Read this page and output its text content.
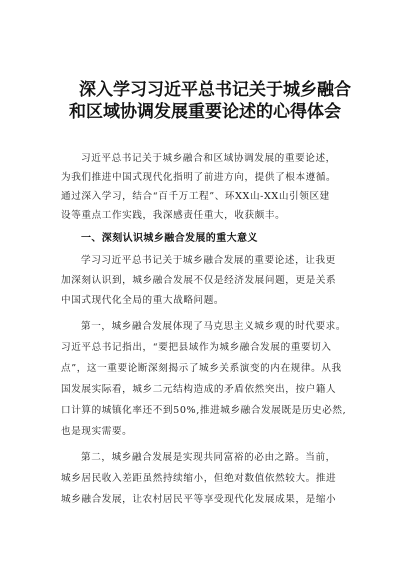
深入学习习近平总书记关于城乡融合
和区域协调发展重要论述的心得体会
习近平总书记关于城乡融合和区域协调发展的重要论述，
为我们推进中国式现代化指明了前进方向，提供了根本遵循。
通过深入学习，结合“百千万工程”、环XX山-XX山引领区建
设等重点工作实践，我深感责任重大，收获颇丰。
一、深刻认识城乡融合发展的重大意义
学习习近平总书记关于城乡融合发展的重要论述，让我更
加深刻认识到，城乡融合发展不仅是经济发展问题，更是关系
中国式现代化全局的重大战略问题。
第一，城乡融合发展体现了马克思主义城乡观的时代要求。
习近平总书记指出，“要把县域作为城乡融合发展的重要切入
点”，这一重要论断深刻揭示了城乡关系演变的内在规律。从我
国发展实际看，城乡二元结构造成的矛盾依然突出，按户籍人
口计算的城镇化率还不到50%,推进城乡融合发展既是历史必然,
也是现实需要。
第二，城乡融合发展是实现共同富裕的必由之路。当前，
城乡居民收入差距虽然持续缩小，但绝对数值依然较大。推进
城乡融合发展，让农村居民平等享受现代化发展成果，是缩小
